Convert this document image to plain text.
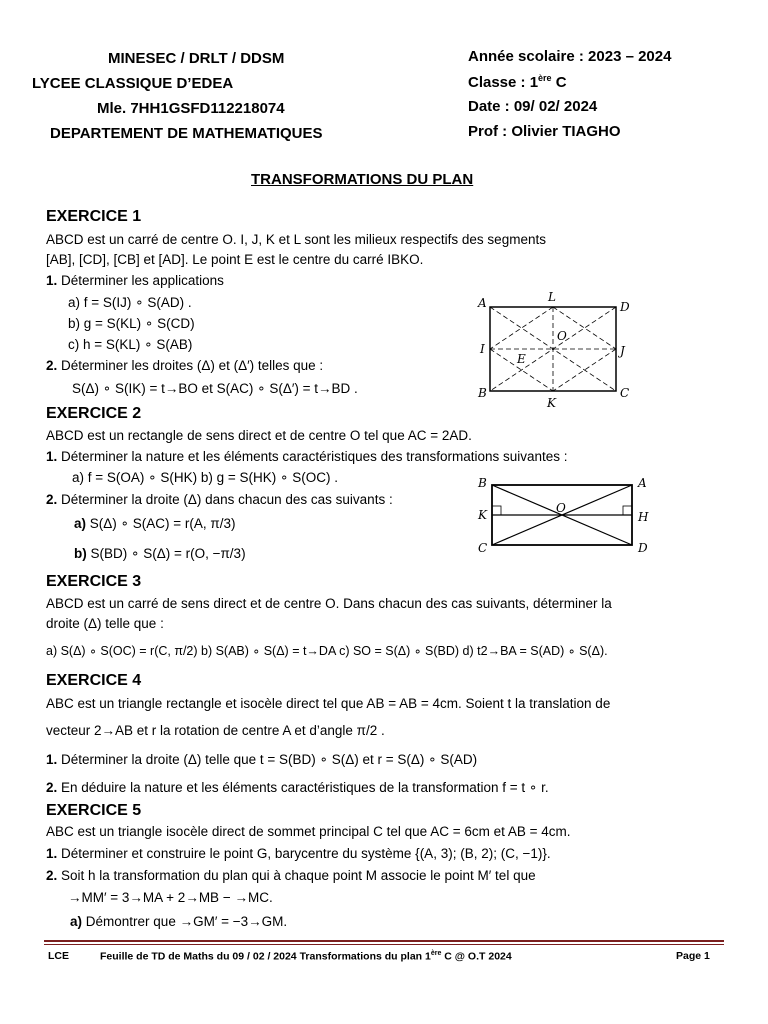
MINESEC / DRLT / DDSM
LYCEE CLASSIQUE D’EDEA
Mle. 7HH1GSFD112218074
DEPARTEMENT DE MATHEMATIQUES
Année scolaire : 2023 – 2024
Classe : 1ère C
Date : 09/ 02/ 2024
Prof : Olivier TIAGHO
TRANSFORMATIONS DU PLAN
EXERCICE 1
ABCD est un carré de centre O. I, J, K et L sont les milieux respectifs des segments
[AB], [CD], [CB] et [AD]. Le point E est le centre du carré IBKO.
1. Déterminer les applications
a) f = S(IJ) ∘ S(AD) .
b) g = S(KL) ∘ S(CD)
c) h = S(KL) ∘ S(AB)
2. Déterminer les droites (Δ) et (Δ′) telles que :
S(Δ) ∘ S(IK) = t→BO et S(AC) ∘ S(Δ′) = t→BD .
A	L
D
O
I	J
E
B	C
K
EXERCICE 2
ABCD est un rectangle de sens direct et de centre O tel que AC = 2AD.
1. Déterminer la nature et les éléments caractéristiques des transformations suivantes :
a) f = S(OA) ∘ S(HK) b) g = S(HK) ∘ S(OC) .
2. Déterminer la droite (Δ) dans chacun des cas suivants :
a) S(Δ) ∘ S(AC) = r(A, π/3)
b) S(BD) ∘ S(Δ) = r(O, −π/3)
B	A
K	O
H
C	D
EXERCICE 3
ABCD est un carré de sens direct et de centre O. Dans chacun des cas suivants, déterminer la
droite (Δ) telle que :
a) S(Δ) ∘ S(OC) = r(C, π/2) b) S(AB) ∘ S(Δ) = t→DA c) SO = S(Δ) ∘ S(BD) d) t2→BA = S(AD) ∘ S(Δ).
EXERCICE 4
ABC est un triangle rectangle et isocèle direct tel que AB = AB = 4cm. Soient t la translation de
vecteur 2→AB et r la rotation de centre A et d’angle π/2 .
1. Déterminer la droite (Δ) telle que t = S(BD) ∘ S(Δ) et r = S(Δ) ∘ S(AD)
2. En déduire la nature et les éléments caractéristiques de la transformation f = t ∘ r.
EXERCICE 5
ABC est un triangle isocèle direct de sommet principal C tel que AC = 6cm et AB = 4cm.
1. Déterminer et construire le point G, barycentre du système {(A, 3); (B, 2); (C, −1)}.
2. Soit h la transformation du plan qui à chaque point M associe le point M′ tel que
→MM′ = 3→MA + 2→MB − →MC.
a) Démontrer que →GM′ = −3→GM.
LCE	Feuille de TD de Maths du 09 / 02 / 2024 Transformations du plan 1ère C @ O.T 2024	Page 1
